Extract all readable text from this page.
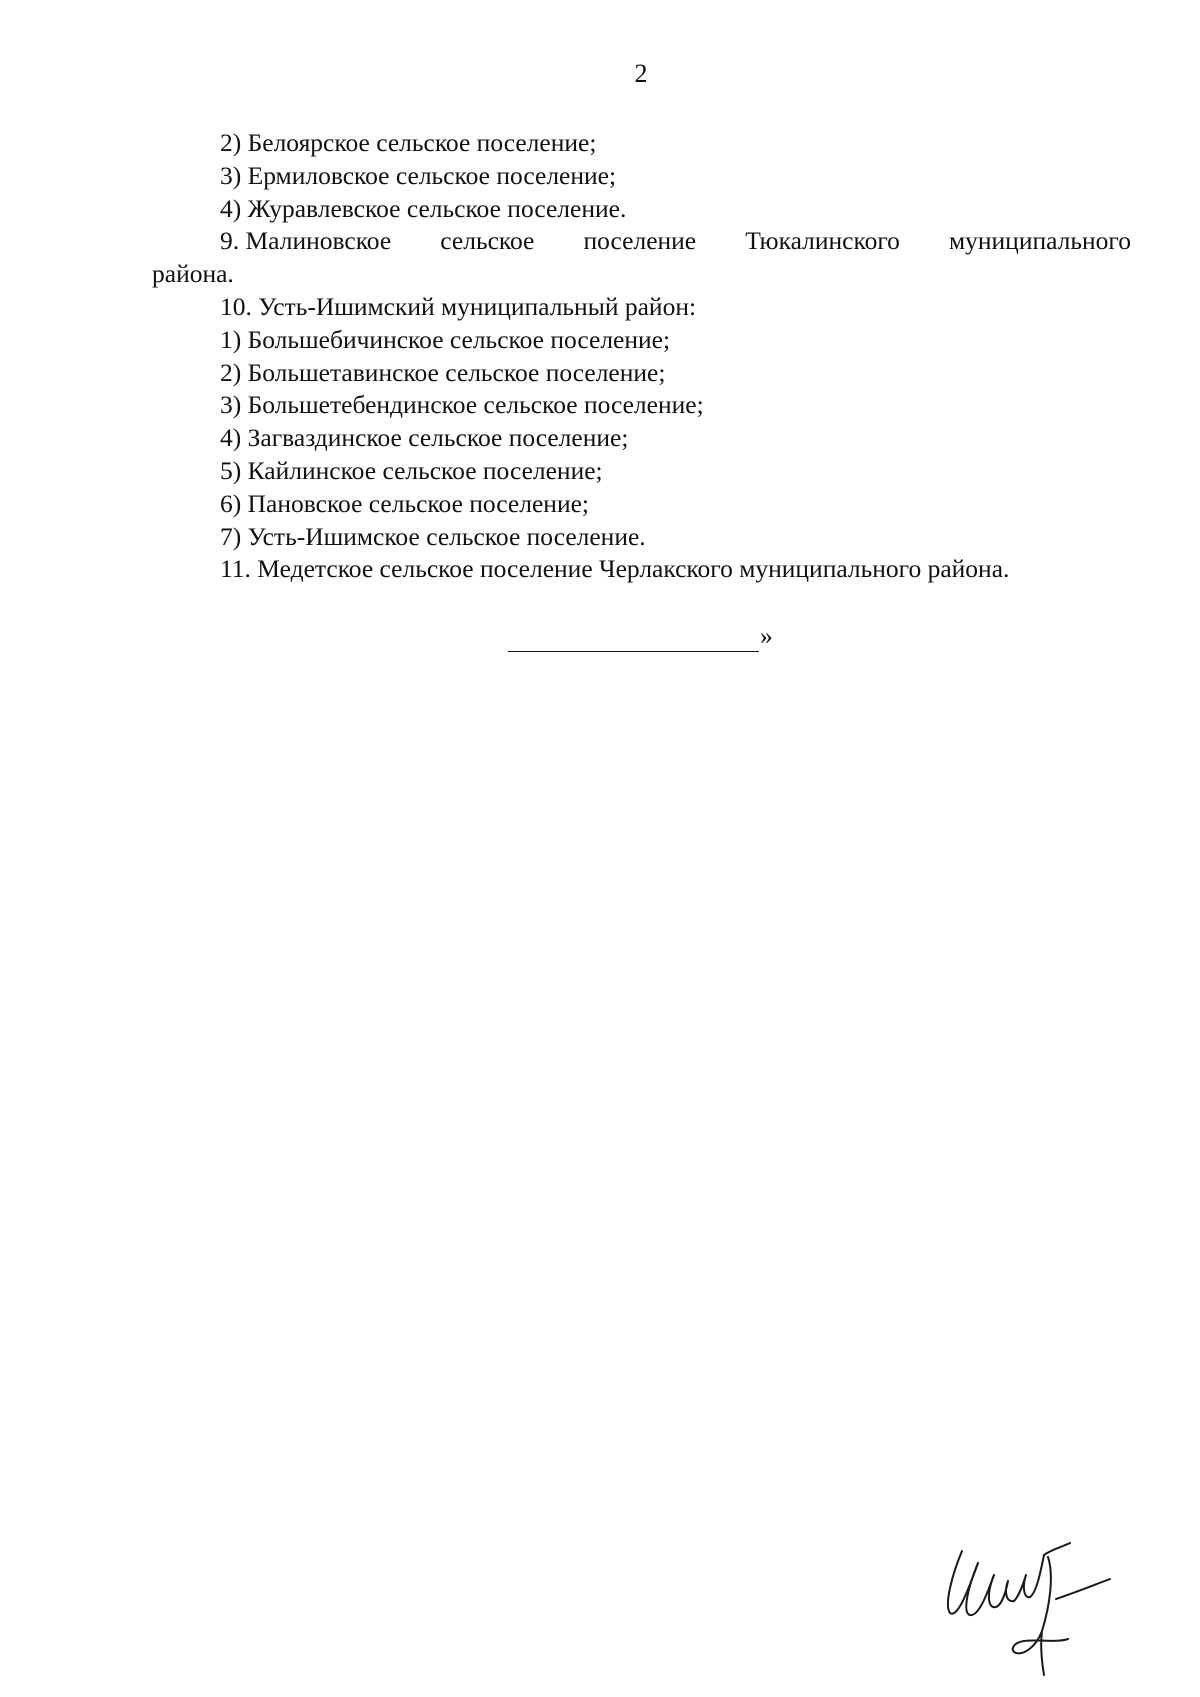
2

2) Белоярское сельское поселение;

3) Ермиловское сельское поселение;

4) Журавлевское сельское поселение.

9. Малиновское сельское поселение Тюкалинского муниципального

района.

10. Усть-Ишимский муниципальный район:

1) Большебичинское сельское поселение;

2) Большетавинское сельское поселение;

3) Большетебендинское сельское поселение;

4) Загваздинское сельское поселение;

5) Кайлинское сельское поселение;

6) Пановское сельское поселение;

7) Усть-Ишимское сельское поселение.

11. Медетское сельское поселение Черлакского муниципального района.

»
